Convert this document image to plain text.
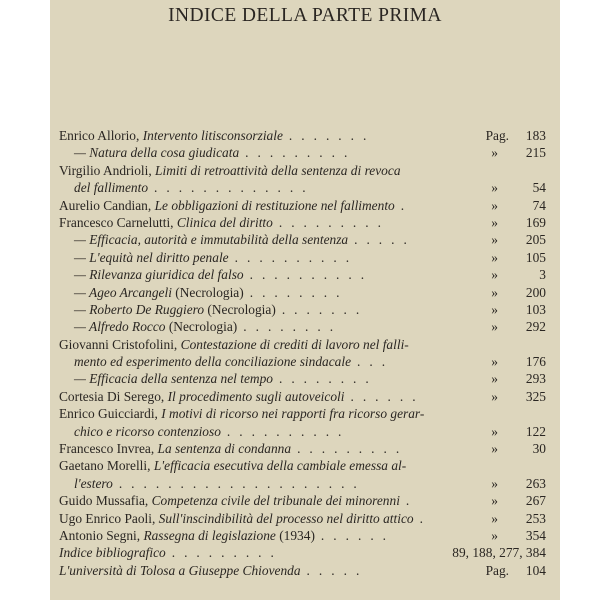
INDICE DELLA PARTE PRIMA
Enrico Allorio, Intervento litisconsorziale .......	Pag. 183
— Natura della cosa giudicata .........	» 215
Virgilio Andrioli, Limiti di retroattività della sentenza di revoca
del fallimento .............	»	54
Aurelio Candian, Le obbligazioni di restituzione nel fallimento .	»	74
Francesco Carnelutti, Clinica del diritto .........	» 169
— Efficacia, autorità e immutabilità della sentenza .....	» 205
— L'equità nel diritto penale ..........	» 105
— Rilevanza giuridica del falso ..........	»	3
— Ageo Arcangeli (Necrologia) ........	» 200
— Roberto De Ruggiero (Necrologia) .......	» 103
— Alfredo Rocco (Necrologia) ........	» 292
Giovanni Cristofolini, Contestazione di crediti di lavoro nel falli-
mento ed esperimento della conciliazione sindacale ...	» 176
— Efficacia della sentenza nel tempo ........	» 293
Cortesia Di Serego, Il procedimento sugli autoveicoli ......	» 325
Enrico Guicciardi, I motivi di ricorso nei rapporti fra ricorso gerar-
chico e ricorso contenzioso ..........	» 122
Francesco Invrea, La sentenza di condanna .........	»	30
Gaetano Morelli, L'efficacia esecutiva della cambiale emessa al-
l'estero ....................	» 263
Guido Mussafia, Competenza civile del tribunale dei minorenni .	» 267
Ugo Enrico Paoli, Sull'inscindibilità del processo nel diritto attico .	» 253
Antonio Segni, Rassegna di legislazione (1934) ......	» 354
Indice bibliografico .........	89, 188, 277, 384
L'università di Tolosa a Giuseppe Chiovenda .....	Pag. 104
